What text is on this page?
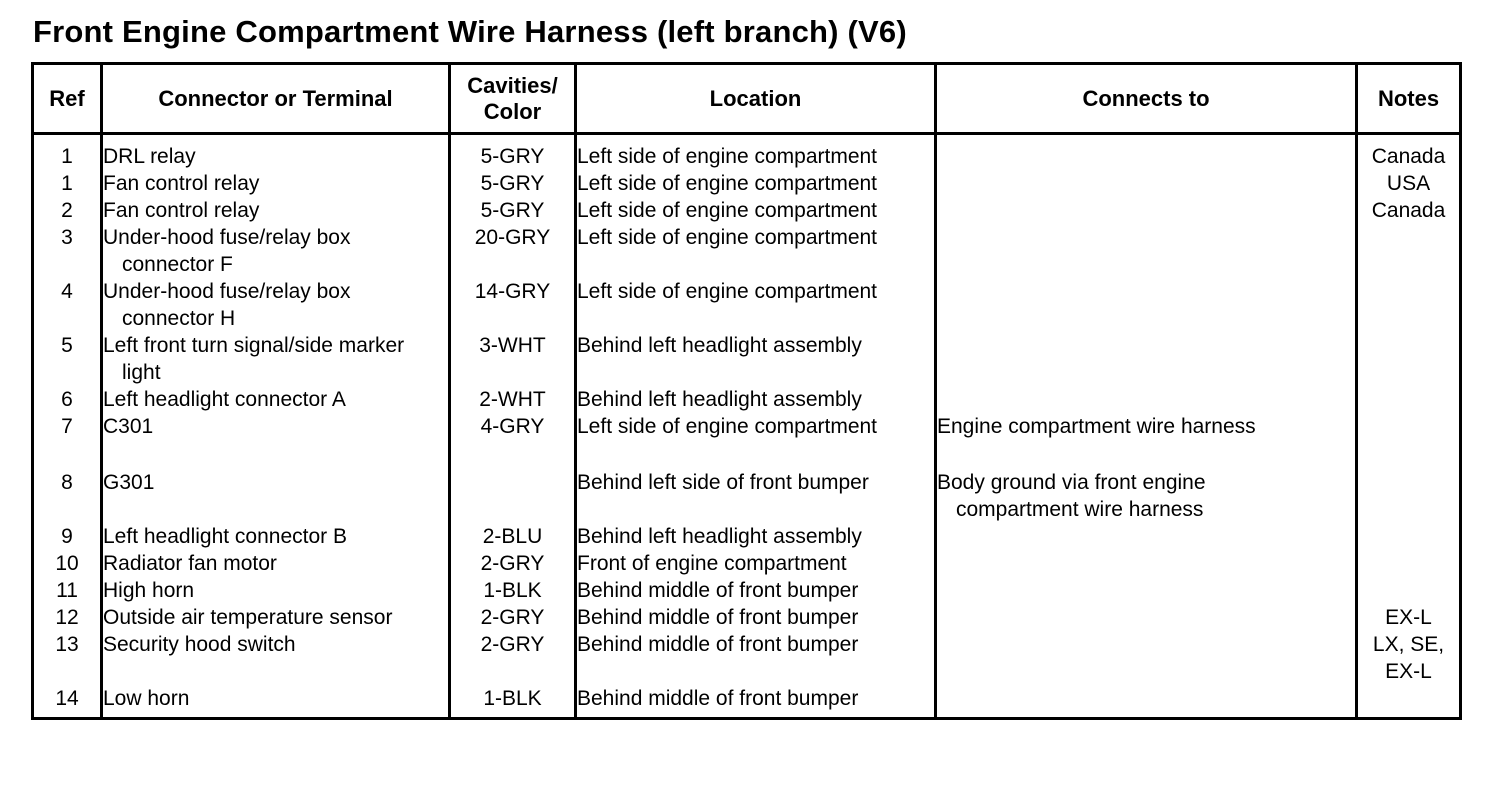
Front Engine Compartment Wire Harness (left branch) (V6)
Ref	Connector or Terminal	Cavities/
Color	Location	Connects to	Notes
1	DRL relay	5-GRY	Left side of engine compartment		Canada

1	Fan control relay	5-GRY	Left side of engine compartment		USA

2	Fan control relay	5-GRY	Left side of engine compartment		Canada

3	Under-hood fuse/relay box
connector F	20-GRY	Left side of engine compartment		
4	Under-hood fuse/relay box
connector H	14-GRY	Left side of engine compartment		
5	Left front turn signal/side marker
light	3-WHT	Behind left headlight assembly		
6	Left headlight connector A	2-WHT	Behind left headlight assembly		
7	C301	4-GRY	Left side of engine compartment	Engine compartment wire harness	

8	G301		Behind left side of front bumper	Body ground via front engine
compartment wire harness	

9	Left headlight connector B	2-BLU	Behind left headlight assembly		
10	Radiator fan motor	2-GRY	Front of engine compartment		
11	High horn	1-BLK	Behind middle of front bumper		
12	Outside air temperature sensor	2-GRY	Behind middle of front bumper		EX-L

13	Security hood switch	2-GRY	Behind middle of front bumper		LX, SE,
EX-L

14	Low horn	1-BLK	Behind middle of front bumper		
